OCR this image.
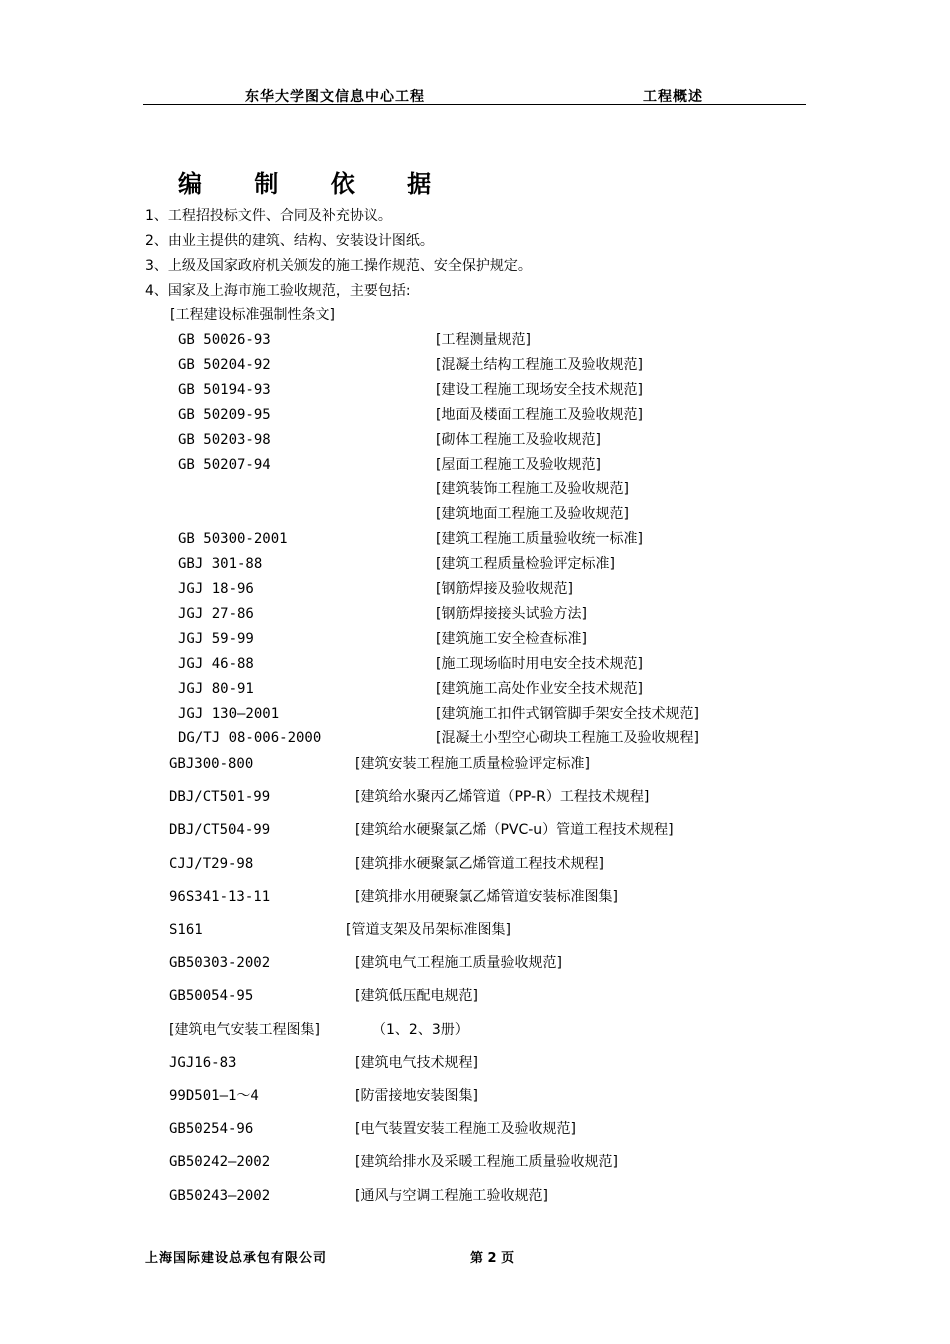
东华大学图文信息中心工程	工程概述
编 制 依 据
1、工程招投标文件、合同及补充协议。
2、由业主提供的建筑、结构、安装设计图纸。
3、上级及国家政府机关颁发的施工操作规范、安全保护规定。
4、国家及上海市施工验收规范，主要包括:
[工程建设标准强制性条文]
GB 50026-93	[工程测量规范]
GB 50204-92	[混凝土结构工程施工及验收规范]
GB 50194-93	[建设工程施工现场安全技术规范]
GB 50209-95	[地面及楼面工程施工及验收规范]
GB 50203-98	[砌体工程施工及验收规范]
GB 50207-94	[屋面工程施工及验收规范]
[建筑装饰工程施工及验收规范]
[建筑地面工程施工及验收规范]
GB 50300-2001	[建筑工程施工质量验收统一标准]
GBJ 301-88	[建筑工程质量检验评定标准]
JGJ 18-96	[钢筋焊接及验收规范]
JGJ 27-86	[钢筋焊接接头试验方法]
JGJ 59-99	[建筑施工安全检查标准]
JGJ 46-88	[施工现场临时用电安全技术规范]
JGJ 80-91	[建筑施工高处作业安全技术规范]
JGJ 130—2001	[建筑施工扣件式钢管脚手架安全技术规范]
DG/TJ 08-006-2000	[混凝土小型空心砌块工程施工及验收规程]
GBJ300-800	[建筑安装工程施工质量检验评定标准]
DBJ/CT501-99	[建筑给水聚丙乙烯管道（PP-R）工程技术规程]
DBJ/CT504-99	[建筑给水硬聚氯乙烯（PVC-u）管道工程技术规程]
CJJ/T29-98	[建筑排水硬聚氯乙烯管道工程技术规程]
96S341-13-11	[建筑排水用硬聚氯乙烯管道安装标准图集]
S161	[管道支架及吊架标准图集]
GB50303-2002	[建筑电气工程施工质量验收规范]
GB50054-95	[建筑低压配电规范]
[建筑电气安装工程图集]	（1、2、3册）
JGJ16-83	[建筑电气技术规程]
99D501—1～4	[防雷接地安装图集]
GB50254-96	[电气装置安装工程施工及验收规范]
GB50242—2002	[建筑给排水及采暖工程施工质量验收规范]
GB50243—2002	[通风与空调工程施工验收规范]
上海国际建设总承包有限公司	第 2 页
